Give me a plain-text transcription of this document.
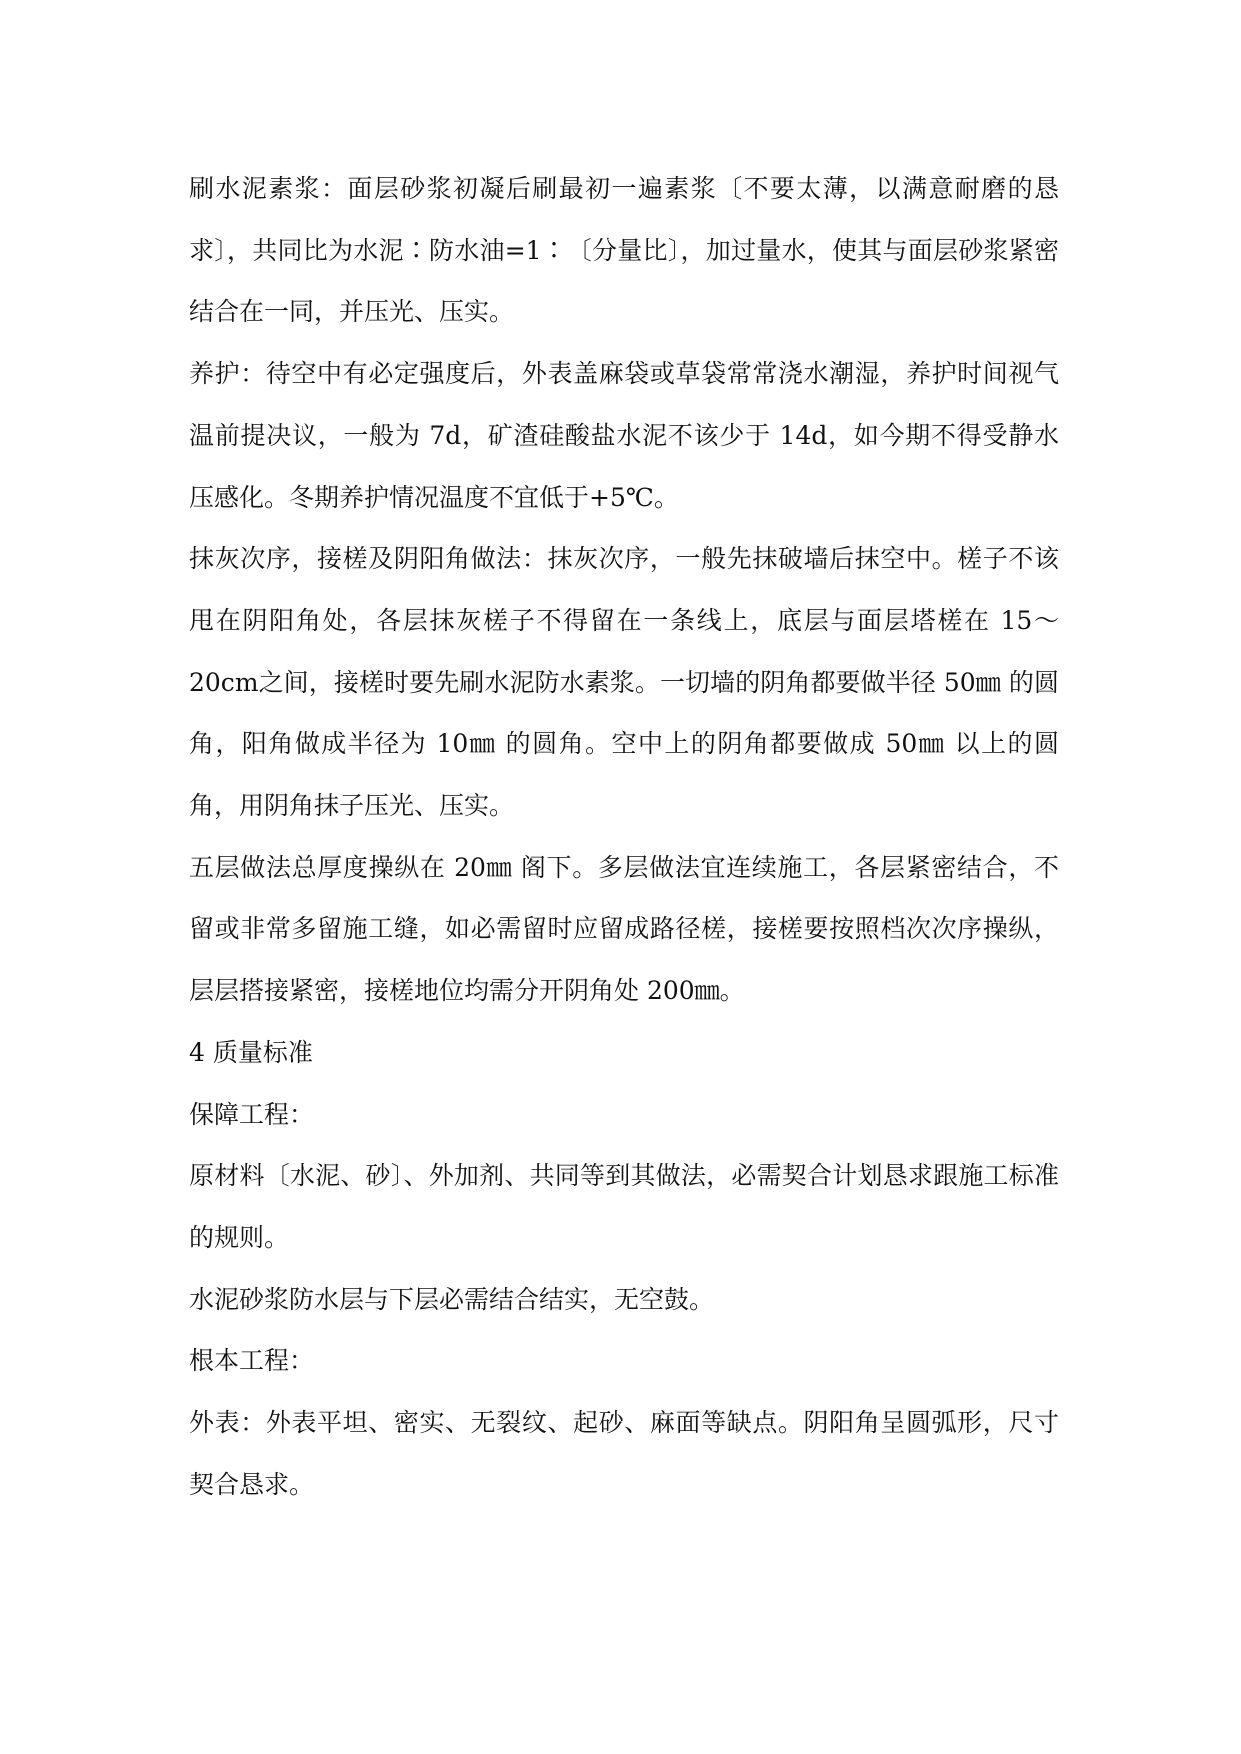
刷水泥素浆：面层砂浆初凝后刷最初一遍素浆〔不要太薄，以满意耐磨的恳求〕，共同比为水泥∶防水油=1∶〔分量比〕，加过量水，使其与面层砂浆紧密结合在一同，并压光、压实。

养护：待空中有必定强度后，外表盖麻袋或草袋常常浇水潮湿，养护时间视气温前提决议，一般为 7d，矿渣硅酸盐水泥不该少于 14d，如今期不得受静水压感化。冬期养护情况温度不宜低于+5℃。

抹灰次序，接槎及阴阳角做法：抹灰次序，一般先抹破墙后抹空中。槎子不该甩在阴阳角处，各层抹灰槎子不得留在一条线上，底层与面层塔槎在 15～20cm之间，接槎时要先刷水泥防水素浆。一切墙的阴角都要做半径 50㎜ 的圆角，阳角做成半径为 10㎜ 的圆角。空中上的阴角都要做成 50㎜ 以上的圆角，用阴角抹子压光、压实。

五层做法总厚度操纵在 20㎜ 阁下。多层做法宜连续施工，各层紧密结合，不留或非常多留施工缝，如必需留时应留成路径槎，接槎要按照档次次序操纵，层层搭接紧密，接槎地位均需分开阴角处 200㎜。

4 质量标准

保障工程：

原材料〔水泥、砂〕、外加剂、共同等到其做法，必需契合计划恳求跟施工标准的规则。

水泥砂浆防水层与下层必需结合结实，无空鼓。

根本工程：

外表：外表平坦、密实、无裂纹、起砂、麻面等缺点。阴阳角呈圆弧形，尺寸契合恳求。
